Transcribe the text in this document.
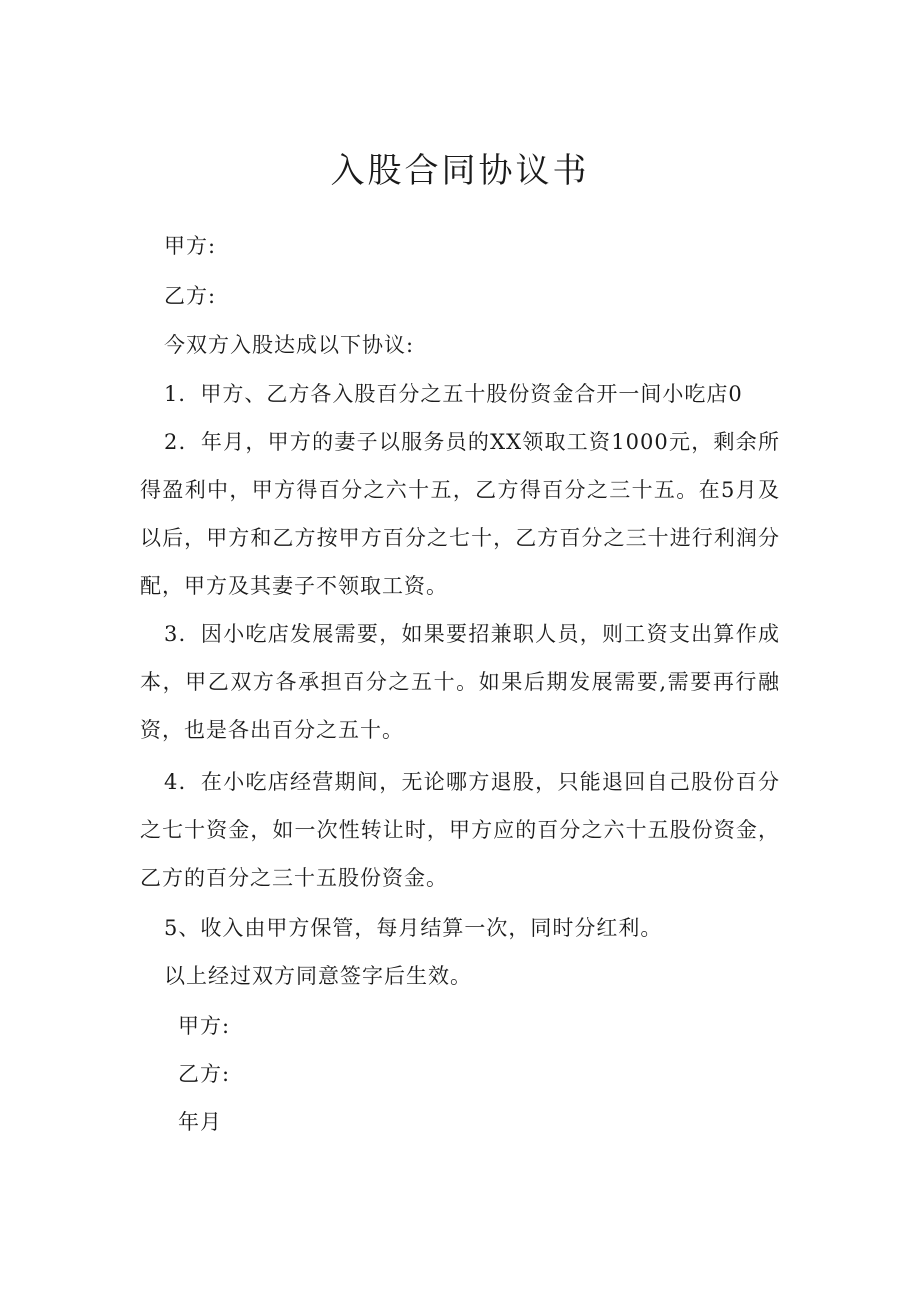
入股合同协议书
甲方:
乙方:
今双方入股达成以下协议:
1．甲方、乙方各入股百分之五十股份资金合开一间小吃店0
2．年月，甲方的妻子以服务员的XX领取工资1000元，剩余所得盈利中，甲方得百分之六十五，乙方得百分之三十五。在5月及以后，甲方和乙方按甲方百分之七十，乙方百分之三十进行利润分配，甲方及其妻子不领取工资。
3．因小吃店发展需要，如果要招兼职人员，则工资支出算作成本，甲乙双方各承担百分之五十。如果后期发展需要,需要再行融资，也是各出百分之五十。
4．在小吃店经营期间，无论哪方退股，只能退回自己股份百分之七十资金，如一次性转让时，甲方应的百分之六十五股份资金，乙方的百分之三十五股份资金。
5、收入由甲方保管，每月结算一次，同时分红利。
以上经过双方同意签字后生效。
甲方:
乙方:
年月
